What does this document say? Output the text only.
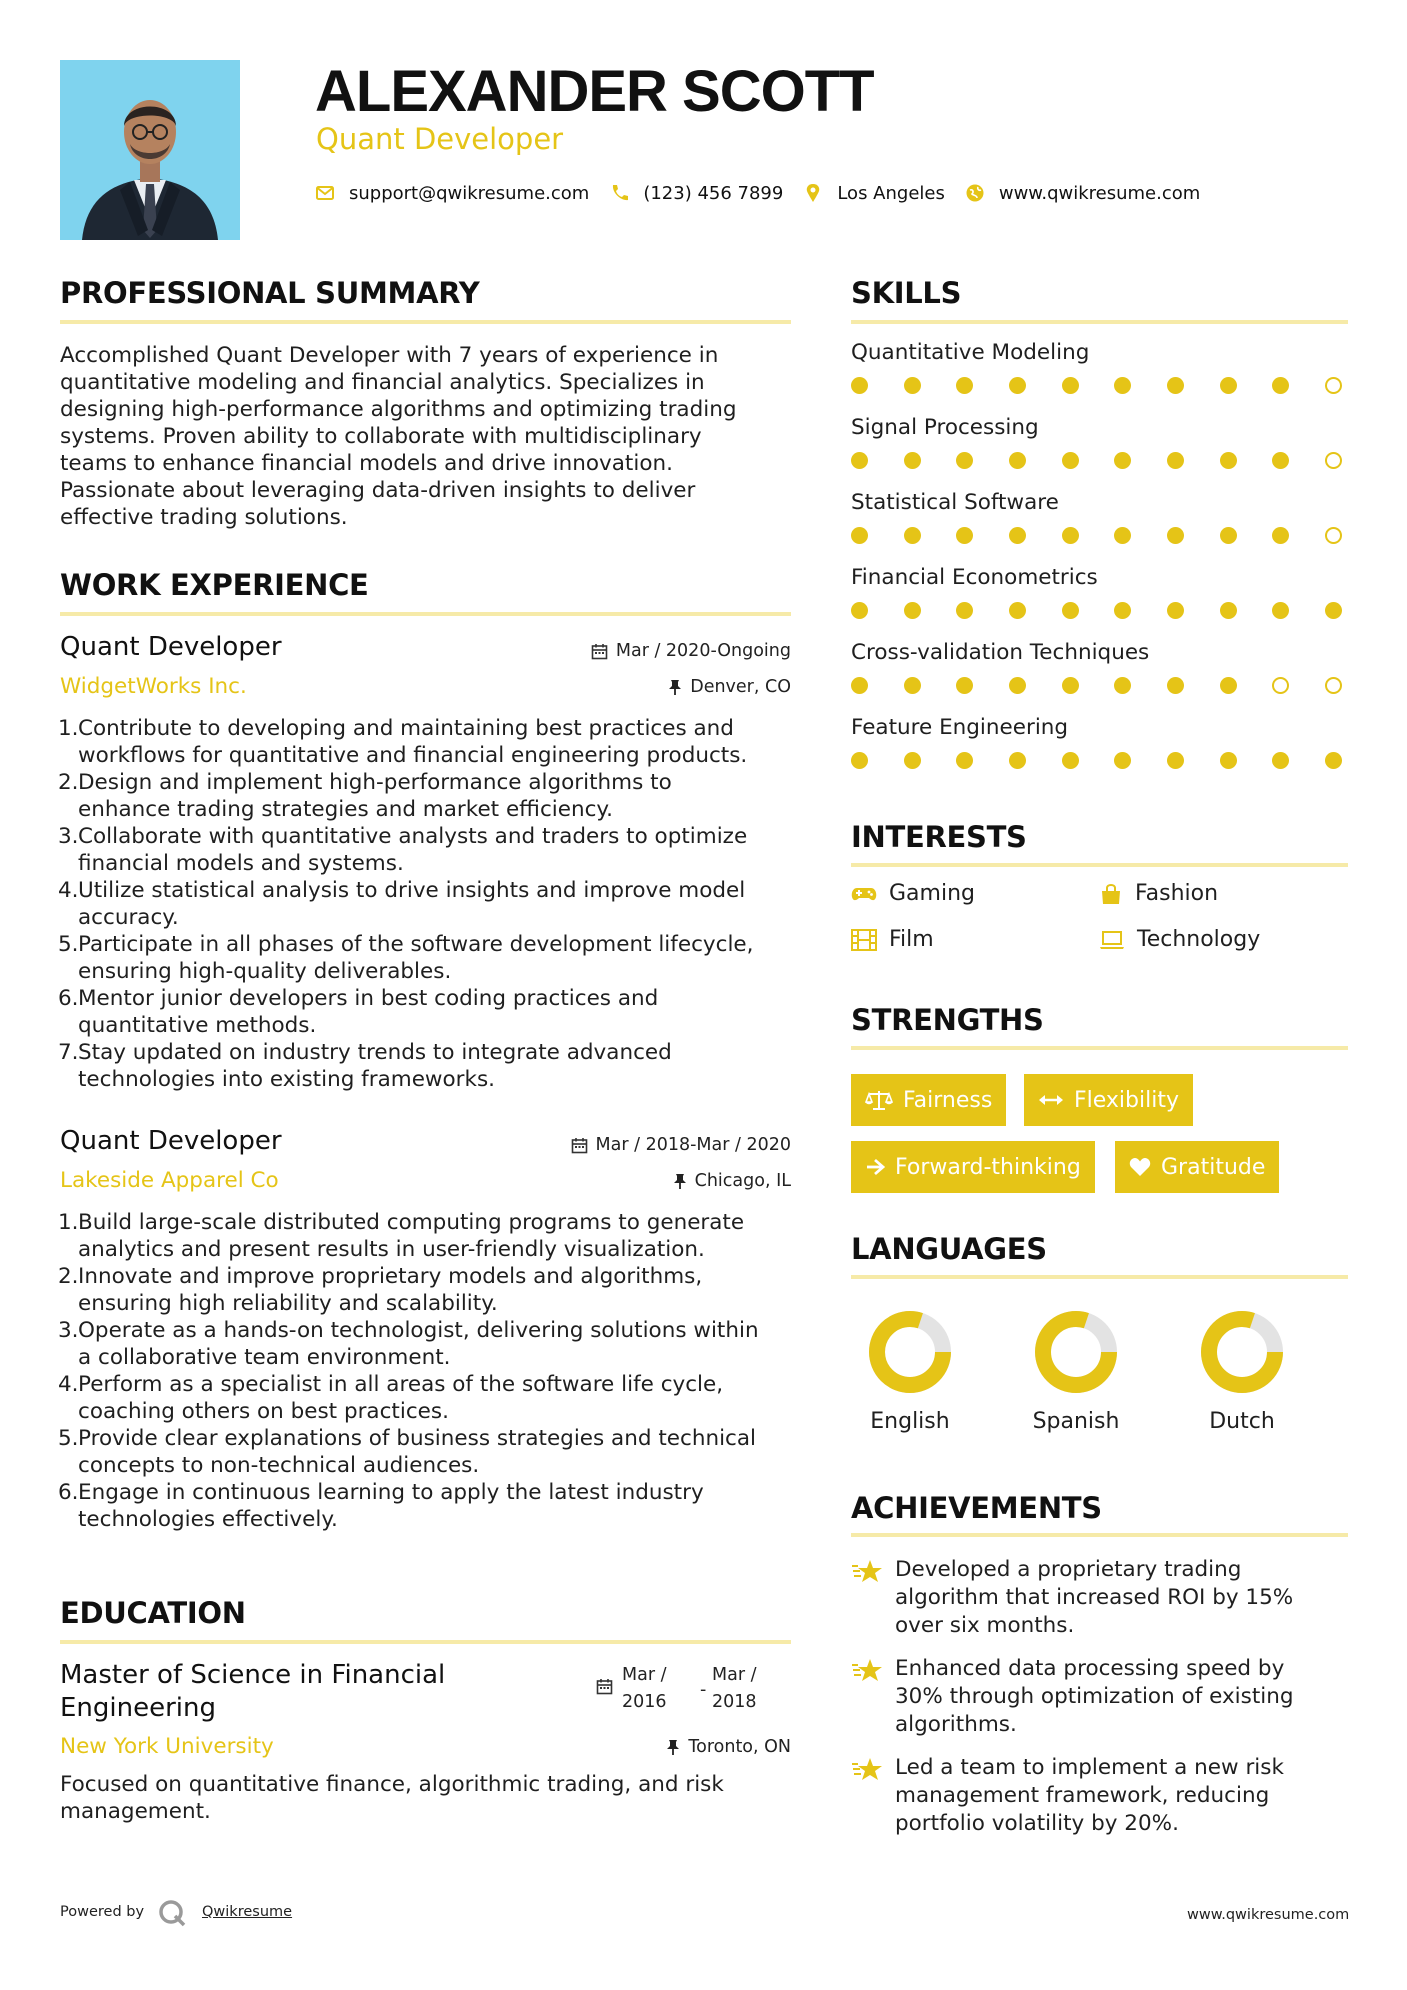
ALEXANDER SCOTT
Quant Developer
support@qwikresume.com	(123) 456 7899	Los Angeles	www.qwikresume.com
PROFESSIONAL SUMMARY
Accomplished Quant Developer with 7 years of experience in
quantitative modeling and financial analytics. Specializes in
designing high-performance algorithms and optimizing trading
systems. Proven ability to collaborate with multidisciplinary
teams to enhance financial models and drive innovation.
Passionate about leveraging data-driven insights to deliver
effective trading solutions.
WORK EXPERIENCE
Quant Developer	Mar / 2020-Ongoing
WidgetWorks Inc.	Denver, CO
1. Contribute to developing and maintaining best practices and
workflows for quantitative and financial engineering products.
2. Design and implement high-performance algorithms to
enhance trading strategies and market efficiency.
3. Collaborate with quantitative analysts and traders to optimize
financial models and systems.
4. Utilize statistical analysis to drive insights and improve model
accuracy.
5. Participate in all phases of the software development lifecycle,
ensuring high-quality deliverables.
6. Mentor junior developers in best coding practices and
quantitative methods.
7. Stay updated on industry trends to integrate advanced
technologies into existing frameworks.
Quant Developer	Mar / 2018-Mar / 2020
Lakeside Apparel Co	Chicago, IL
1. Build large-scale distributed computing programs to generate
analytics and present results in user-friendly visualization.
2. Innovate and improve proprietary models and algorithms,
ensuring high reliability and scalability.
3. Operate as a hands-on technologist, delivering solutions within
a collaborative team environment.
4. Perform as a specialist in all areas of the software life cycle,
coaching others on best practices.
5. Provide clear explanations of business strategies and technical
concepts to non-technical audiences.
6. Engage in continuous learning to apply the latest industry
technologies effectively.
EDUCATION
Master of Science in Financial
Engineering
Mar /
2016
-
Mar /
2018
New York University	Toronto, ON
Focused on quantitative finance, algorithmic trading, and risk
management.
SKILLS
Quantitative Modeling
Signal Processing
Statistical Software
Financial Econometrics
Cross-validation Techniques
Feature Engineering
INTERESTS
Gaming	Fashion
Film	Technology
STRENGTHS
Fairness	Flexibility
Forward-thinking	Gratitude
LANGUAGES
English	Spanish	Dutch
ACHIEVEMENTS
Developed a proprietary trading
algorithm that increased ROI by 15%
over six months.
Enhanced data processing speed by
30% through optimization of existing
algorithms.
Led a team to implement a new risk
management framework, reducing
portfolio volatility by 20%.
Powered by	Qwikresume	www.qwikresume.com
